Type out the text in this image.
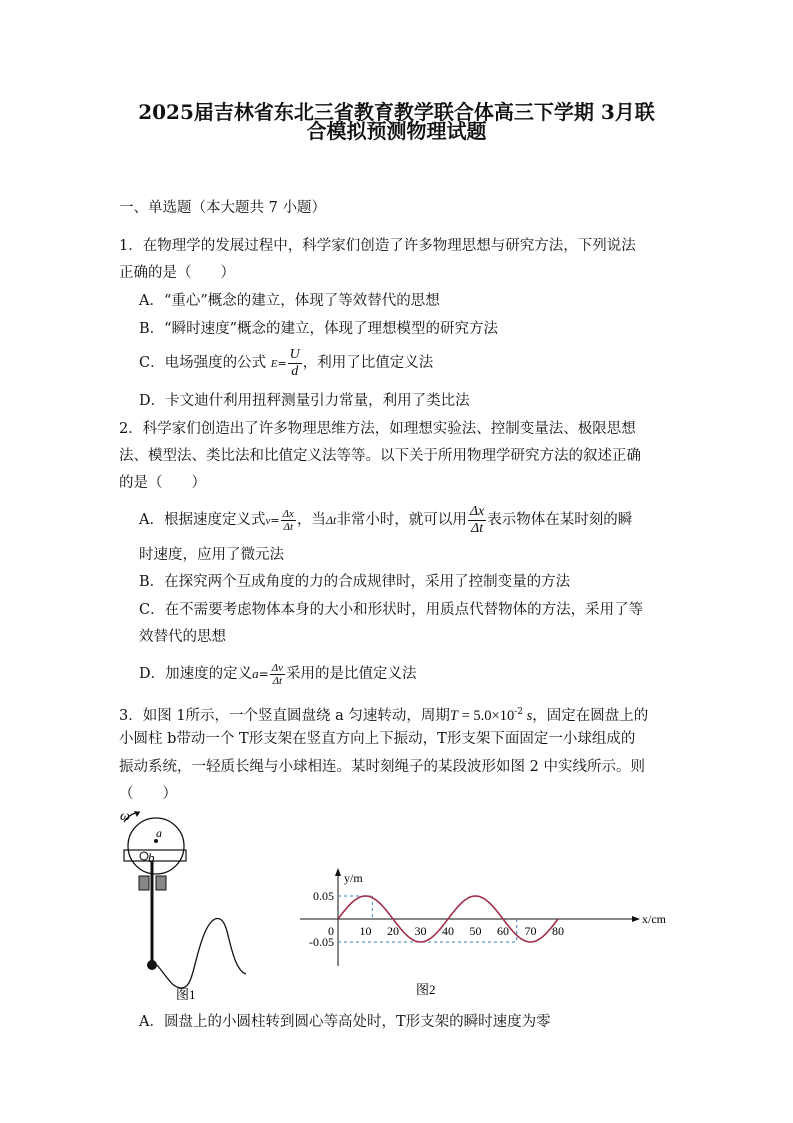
2025届吉林省东北三省教育教学联合体高三下学期 3月联
合模拟预测物理试题
一、单选题（本大题共 7 小题）
1．在物理学的发展过程中，科学家们创造了许多物理思想与研究方法，下列说法
正确的是（　　）
A．“重心”概念的建立，体现了等效替代的思想
B．“瞬时速度”概念的建立，体现了理想模型的研究方法
C．电场强度的公式 $E= \frac{U}{d}$ ，利用了比值定义法
D．卡文迪什利用扭秤测量引力常量，利用了类比法
2．科学家们创造出了许多物理思维方法，如理想实验法、控制变量法、极限思想
法、模型法、类比法和比值定义法等等。以下关于所用物理学研究方法的叙述正确
的是（　　）
A．根据速度定义式$v= \frac{\Delta x}{\Delta t}$ ，当Δt非常小时，就可以用 $\frac{\Delta x}{\Delta t}$ 表示物体在某时刻的瞬
时速度，应用了微元法
B．在探究两个互成角度的力的合成规律时，采用了控制变量的方法
C．在不需要考虑物体本身的大小和形状时，用质点代替物体的方法，采用了等
效替代的思想
D．加速度的定义$a= \frac{\Delta v}{\Delta t}$ 采用的是比值定义法
3．如图 1所示，一个竖直圆盘绕 a 匀速转动，周期$T = 5.0\times 10^{-2}$ s，固定在圆盘上的
小圆柱 b带动一个 T形支架在竖直方向上下振动，T形支架下面固定一小球组成的
振动系统，一轻质长绳与小球相连。某时刻绳子的某段波形如图 2 中实线所示。则
（　　）
ω
a
b
图1
y/m
x/cm
0
0.05
-0.05
10 20 30 40 50 60 70 80
图2
A．圆盘上的小圆柱转到圆心等高处时，T形支架的瞬时速度为零
